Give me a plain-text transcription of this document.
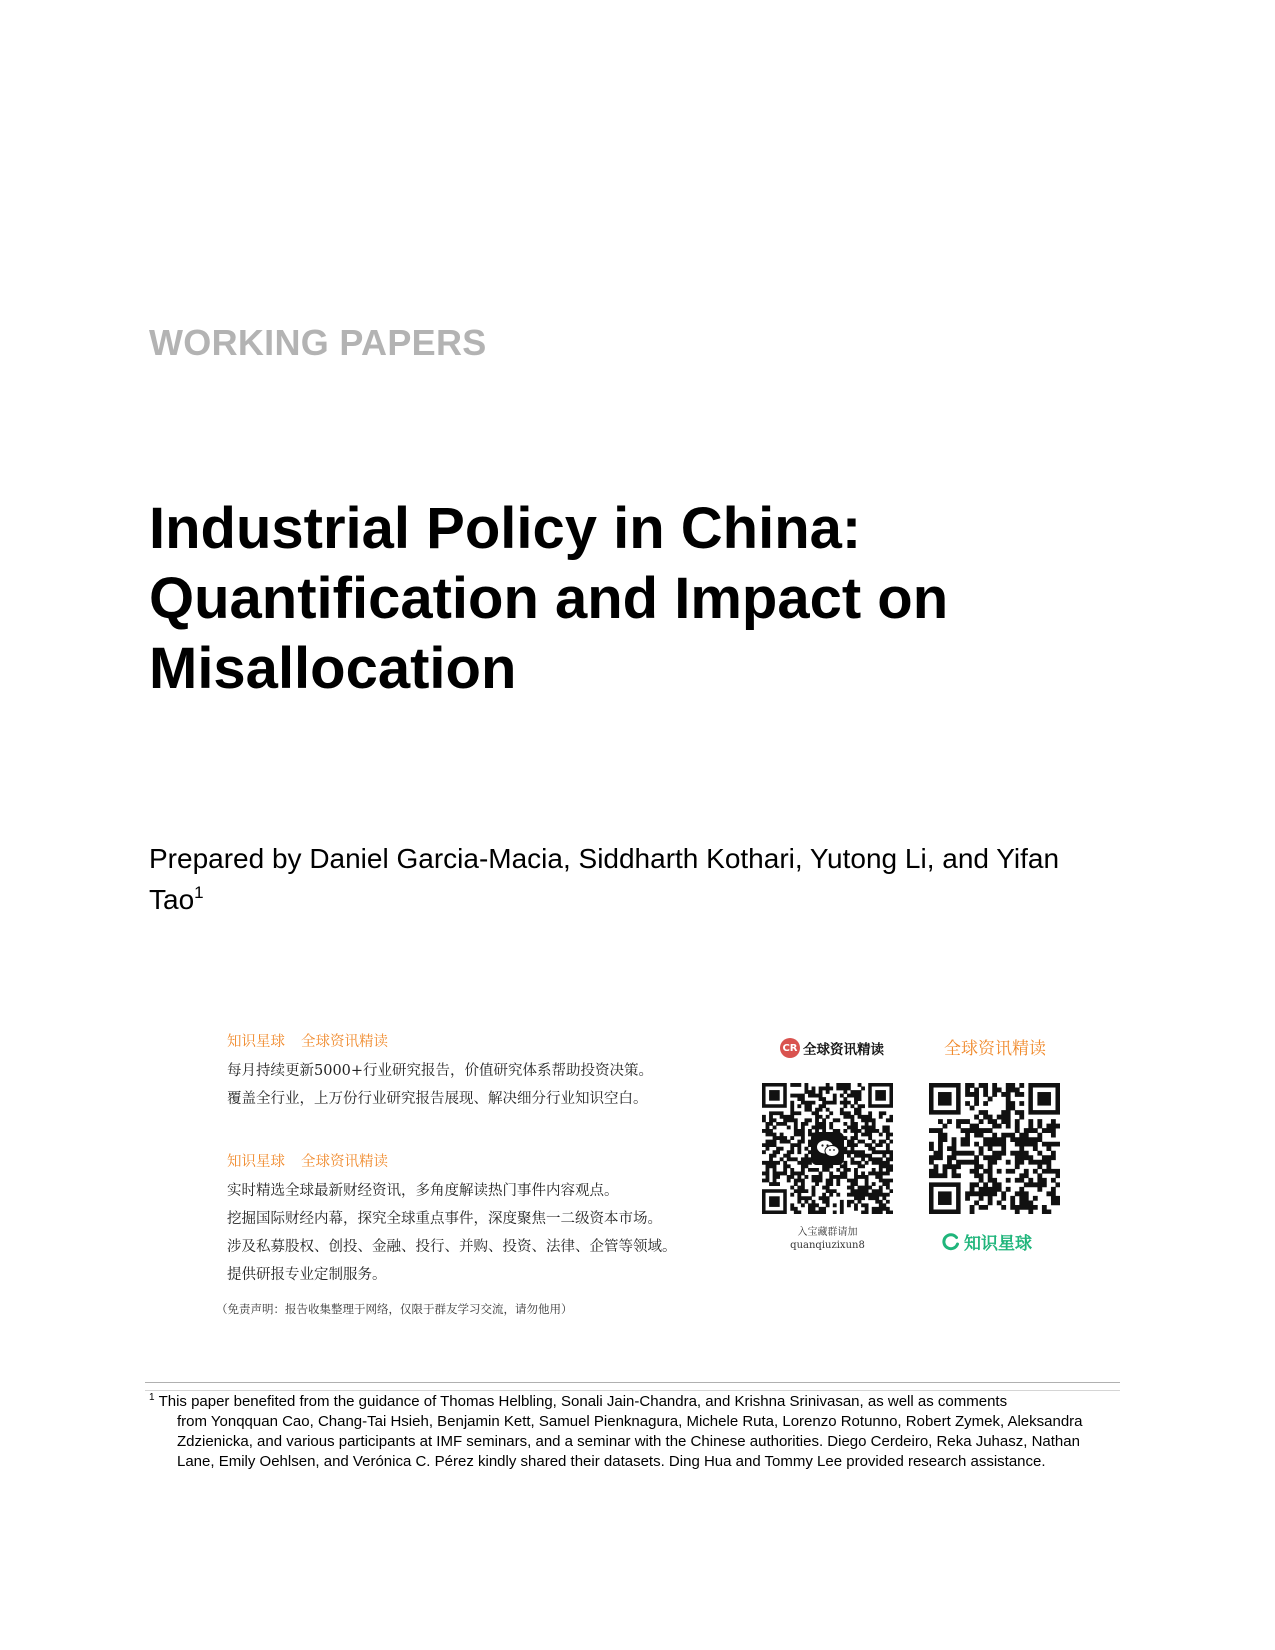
WORKING PAPERS
Industrial Policy in China: Quantification and Impact on Misallocation
Prepared by Daniel Garcia-Macia, Siddharth Kothari, Yutong Li, and Yifan Tao$^1$
知识星球 全球资讯精读
每月持续更新5000+行业研究报告，价值研究体系帮助投资决策。
覆盖全行业，上万份行业研究报告展现、解决细分行业知识空白。
知识星球 全球资讯精读
实时精选全球最新财经资讯，多角度解读热门事件内容观点。
挖掘国际财经内幕，探究全球重点事件，深度聚焦一二级资本市场。
涉及私募股权、创投、金融、投行、并购、投资、法律、企管等领域。
提供研报专业定制服务。
（免责声明：报告收集整理于网络，仅限于群友学习交流，请勿他用）
CR 全球资讯精读	全球资讯精读
入宝藏群请加
quanqiuzixun8	知识星球
$^1$ This paper benefited from the guidance of Thomas Helbling, Sonali Jain-Chandra, and Krishna Srinivasan, as well as comments
from Yonqquan Cao, Chang-Tai Hsieh, Benjamin Kett, Samuel Pienknagura, Michele Ruta, Lorenzo Rotunno, Robert Zymek, Aleksandra Zdzienicka, and various participants at IMF seminars, and a seminar with the Chinese authorities. Diego Cerdeiro, Reka Juhasz, Nathan Lane, Emily Oehlsen, and Verónica C. Pérez kindly shared their datasets. Ding Hua and Tommy Lee provided research assistance.
